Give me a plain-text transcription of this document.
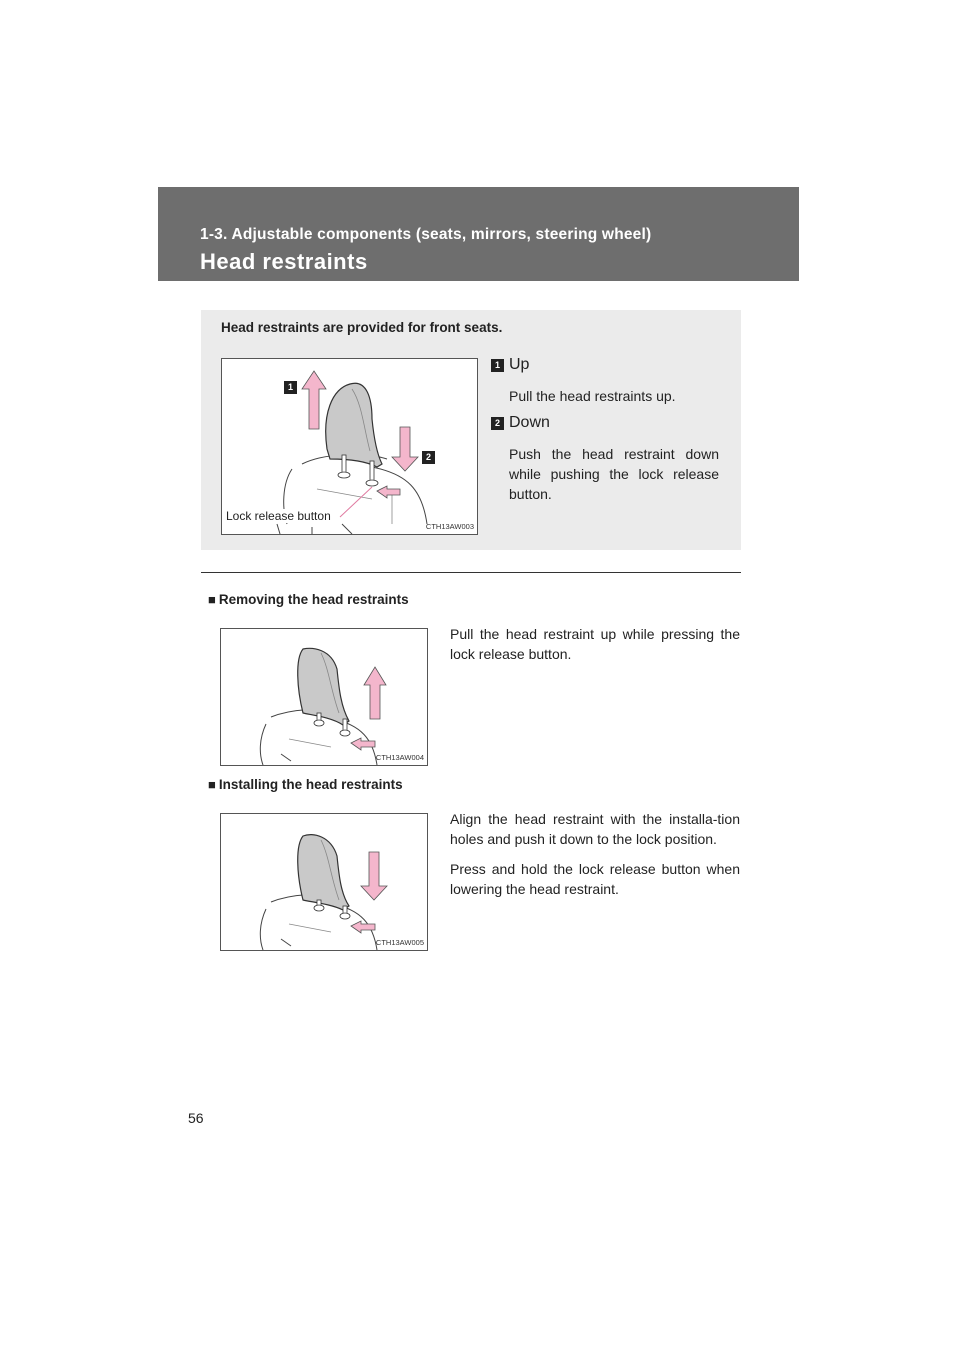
1-3. Adjustable components (seats, mirrors, steering wheel)
Head restraints
Head restraints are provided for front seats.
1
2
Lock release button
CTH13AW003
1 Up
Pull the head restraints up.
2 Down
Push the head restraint down while pushing the lock release button.
■ Removing the head restraints
CTH13AW004

Pull the head restraint up while pressing the lock release button.

■ Installing the head restraints
CTH13AW005

Align the head restraint with the installa-tion holes and push it down to the lock position.

Press and hold the lock release button when lowering the head restraint.

56
